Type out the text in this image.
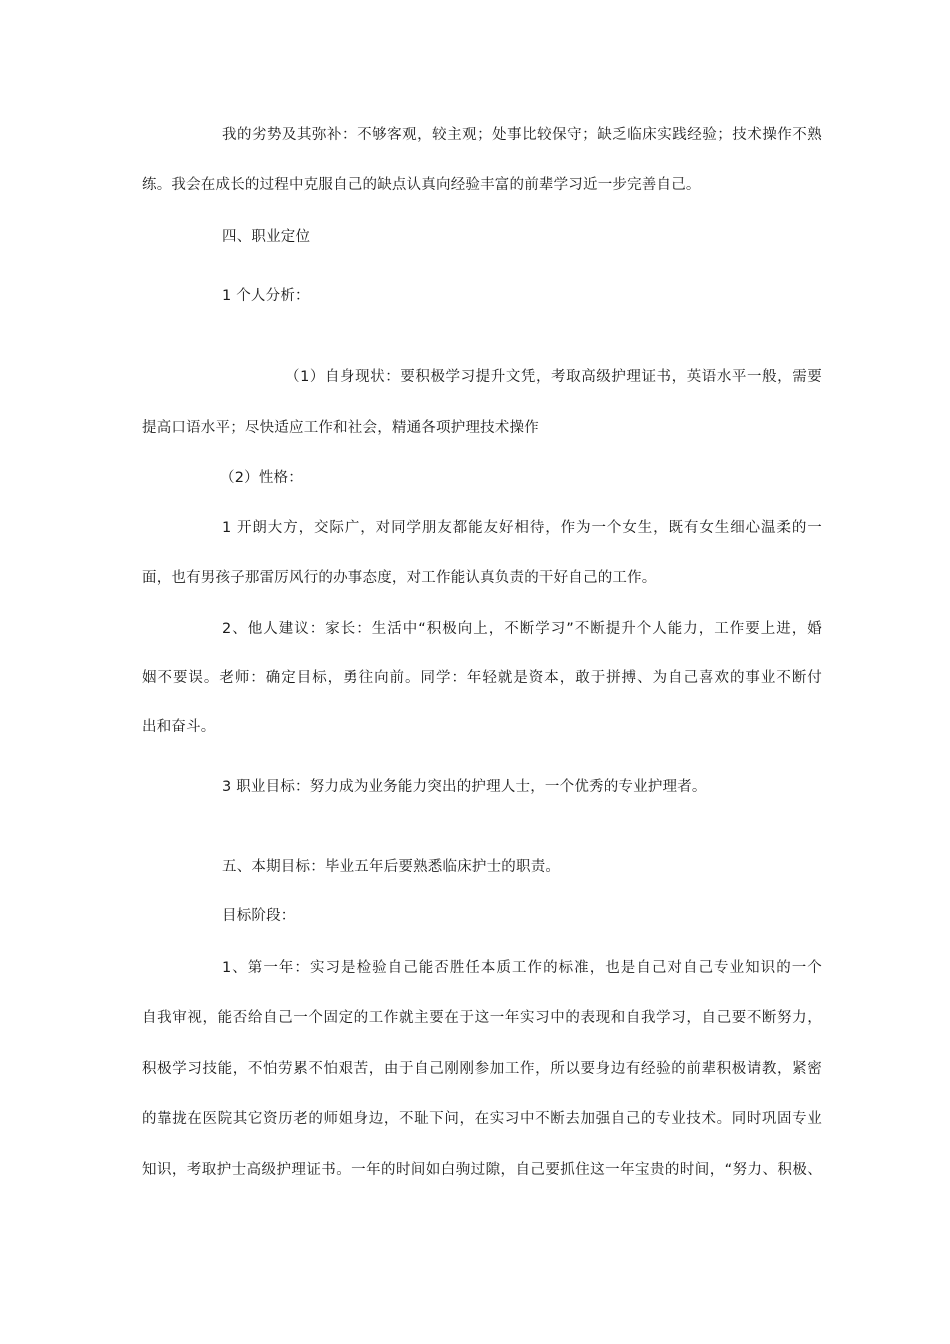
我的劣势及其弥补：不够客观，较主观；处事比较保守；缺乏临床实践经验；技术操作不熟
练。我会在成长的过程中克服自己的缺点认真向经验丰富的前辈学习近一步完善自己。
四、职业定位
1 个人分析：
（1）自身现状：要积极学习提升文凭，考取高级护理证书，英语水平一般，需要
提高口语水平；尽快适应工作和社会，精通各项护理技术操作
（2）性格：
1 开朗大方，交际广，对同学朋友都能友好相待，作为一个女生，既有女生细心温柔的一
面，也有男孩子那雷厉风行的办事态度，对工作能认真负责的干好自己的工作。
2、他人建议：家长：生活中“积极向上，不断学习”不断提升个人能力，工作要上进，婚
姻不要误。老师：确定目标，勇往向前。同学：年轻就是资本，敢于拼搏、为自己喜欢的事业不断付
出和奋斗。
3 职业目标：努力成为业务能力突出的护理人士，一个优秀的专业护理者。
五、本期目标：毕业五年后要熟悉临床护士的职责。
目标阶段：
1、第一年：实习是检验自己能否胜任本质工作的标准，也是自己对自己专业知识的一个
自我审视，能否给自己一个固定的工作就主要在于这一年实习中的表现和自我学习，自己要不断努力，
积极学习技能，不怕劳累不怕艰苦，由于自己刚刚参加工作，所以要身边有经验的前辈积极请教，紧密
的靠拢在医院其它资历老的师姐身边，不耻下问，在实习中不断去加强自己的专业技术。同时巩固专业
知识，考取护士高级护理证书。一年的时间如白驹过隙，自己要抓住这一年宝贵的时间，“努力、积极、
